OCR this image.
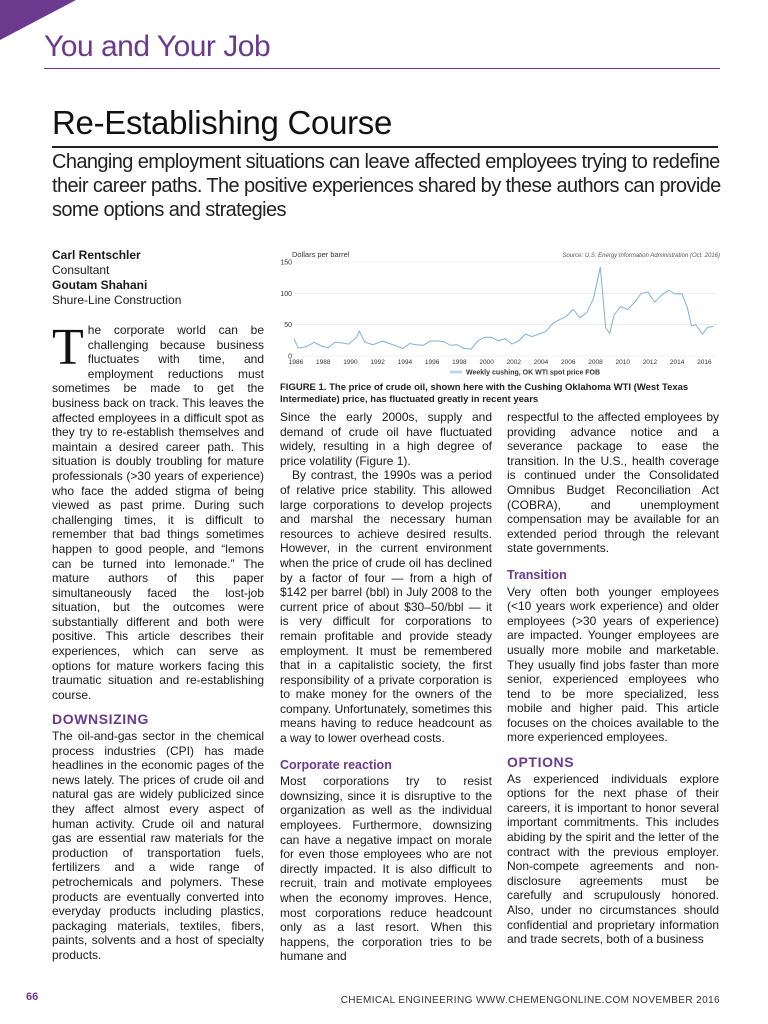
You and Your Job
Re-Establishing Course
Changing employment situations can leave affected employees trying to redefine their career paths. The positive experiences shared by these authors can provide some options and strategies
Carl Rentschler
Consultant
Goutam Shahani
Shure-Line Construction

The corporate world can be challenging because business fluctuates with time, and employment reductions must sometimes be made to get the business back on track. This leaves the affected employees in a difficult spot as they try to re-establish themselves and maintain a desired career path. This situation is doubly troubling for mature professionals (>30 years of experience) who face the added stigma of being viewed as past prime. During such challenging times, it is difficult to remember that bad things sometimes happen to good people, and “lemons can be turned into lemonade.” The mature authors of this paper simultaneously faced the lost-job situation, but the outcomes were substantially different and both were positive. This article describes their experiences, which can serve as options for mature workers facing this traumatic situation and re-establishing course.

DOWNSIZING

The oil-and-gas sector in the chemical process industries (CPI) has made headlines in the economic pages of the news lately. The prices of crude oil and natural gas are widely publicized since they affect almost every aspect of human activity. Crude oil and natural gas are essential raw materials for the production of transportation fuels, fertilizers and a wide range of petrochemicals and polymers. These products are eventually converted into everyday products including plastics, packaging materials, textiles, fibers, paints, solvents and a host of specialty products.

Dollars per barrel	Source: U.S. Energy Information Administration (Oct. 2016)
150
100
50
0
1986 1988 1990 1992 1994 1996 1998 2000 2002 2004 2006 2008 2010 2012 2014 2016
Weekly cushing, OK WTI spot price FOB
FIGURE 1. The price of crude oil, shown here with the Cushing Oklahoma WTI (West Texas Intermediate) price, has fluctuated greatly in recent years

Since the early 2000s, supply and demand of crude oil have fluctuated widely, resulting in a high degree of price volatility (Figure 1).

By contrast, the 1990s was a period of relative price stability. This allowed large corporations to develop projects and marshal the necessary human resources to achieve desired results. However, in the current environment when the price of crude oil has declined by a factor of four — from a high of $142 per barrel (bbl) in July 2008 to the current price of about $30–50/bbl — it is very difficult for corporations to remain profitable and provide steady employment. It must be remembered that in a capitalistic society, the first responsibility of a private corporation is to make money for the owners of the company. Unfortunately, sometimes this means having to reduce headcount as a way to lower overhead costs.

Corporate reaction

Most corporations try to resist downsizing, since it is disruptive to the organization as well as the individual employees. Furthermore, downsizing can have a negative impact on morale for even those employees who are not directly impacted. It is also difficult to recruit, train and motivate employees when the economy improves. Hence, most corporations reduce headcount only as a last resort. When this happens, the corporation tries to be humane and

respectful to the affected employees by providing advance notice and a severance package to ease the transition. In the U.S., health coverage is continued under the Consolidated Omnibus Budget Reconciliation Act (COBRA), and unemployment compensation may be available for an extended period through the relevant state governments.

Transition

Very often both younger employees (<10 years work experience) and older employees (>30 years of experience) are impacted. Younger employees are usually more mobile and marketable. They usually find jobs faster than more senior, experienced employees who tend to be more specialized, less mobile and higher paid. This article focuses on the choices available to the more experienced employees.

OPTIONS

As experienced individuals explore options for the next phase of their careers, it is important to honor several important commitments. This includes abiding by the spirit and the letter of the contract with the previous employer. Non-compete agreements and non-disclosure agreements must be carefully and scrupulously honored. Also, under no circumstances should confidential and proprietary information and trade secrets, both of a business

66	CHEMICAL ENGINEERING WWW.CHEMENGONLINE.COM NOVEMBER 2016
